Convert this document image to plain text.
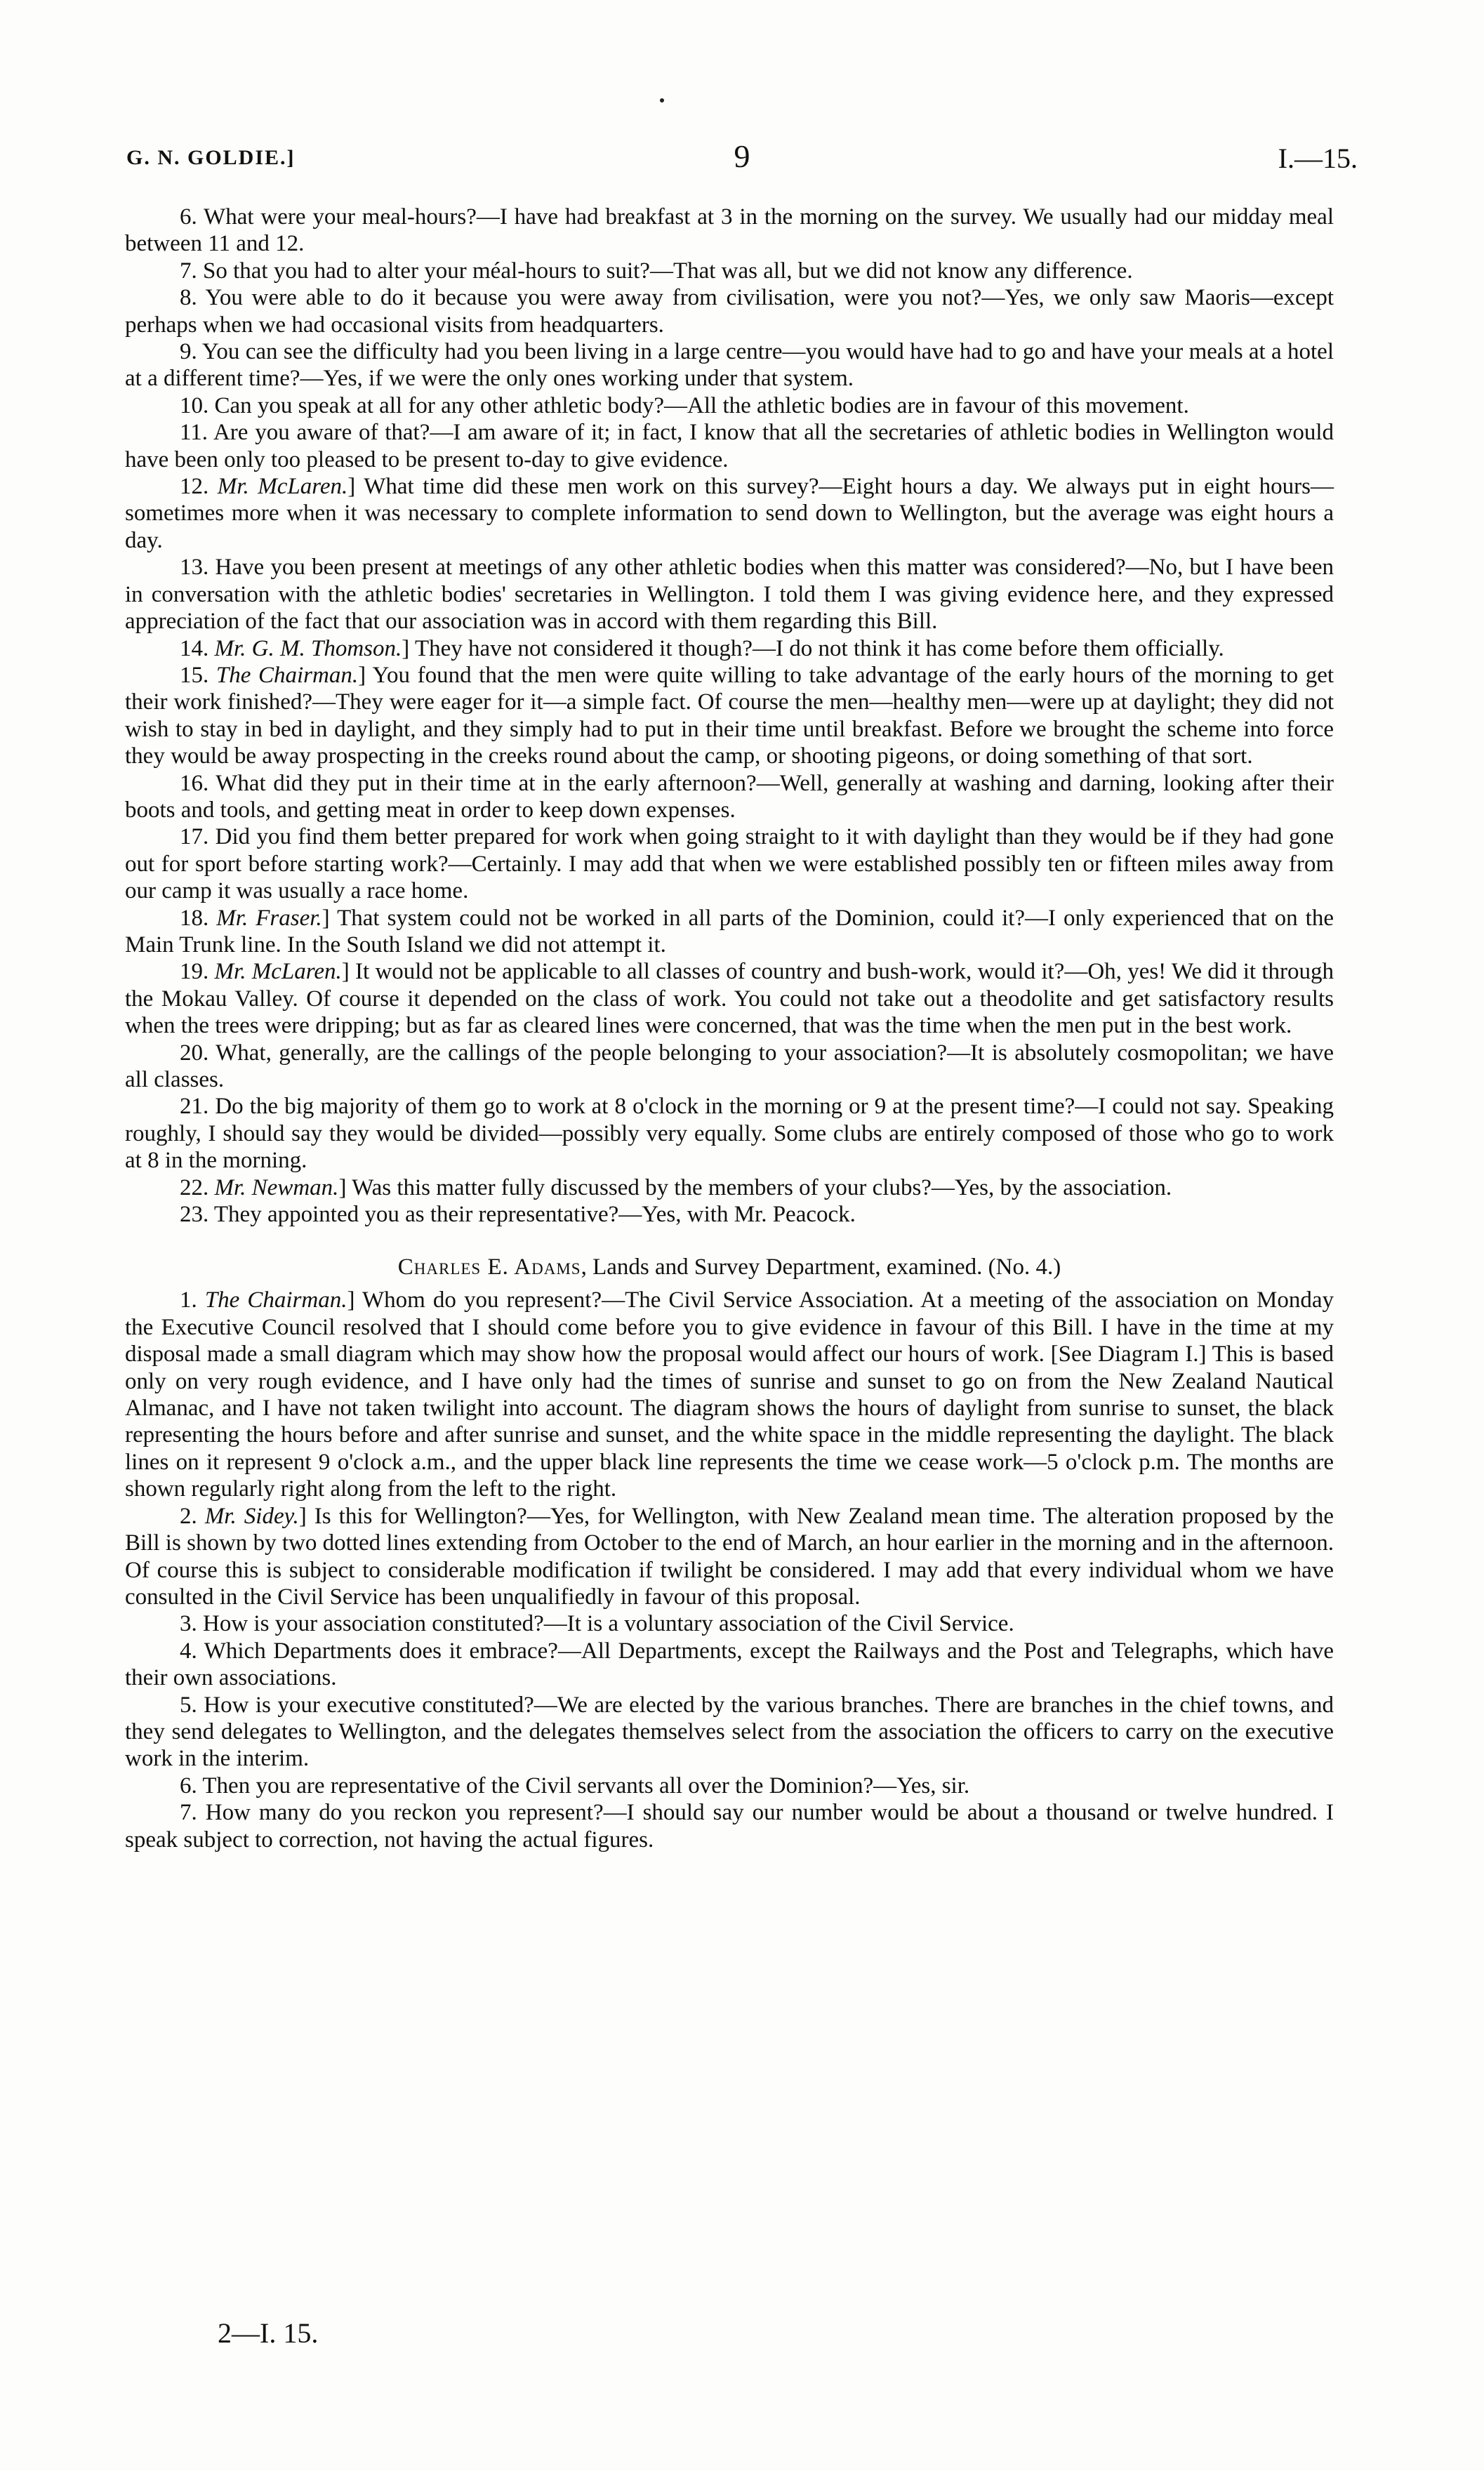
G. N. GOLDIE.]	9	I.—15.

6. What were your meal-hours?—I have had breakfast at 3 in the morning on the survey. We usually had our midday meal between 11 and 12.

7. So that you had to alter your méal-hours to suit?—That was all, but we did not know any difference.

8. You were able to do it because you were away from civilisation, were you not?—Yes, we only saw Maoris—except perhaps when we had occasional visits from headquarters.

9. You can see the difficulty had you been living in a large centre—you would have had to go and have your meals at a hotel at a different time?—Yes, if we were the only ones working under that system.

10. Can you speak at all for any other athletic body?—All the athletic bodies are in favour of this movement.

11. Are you aware of that?—I am aware of it; in fact, I know that all the secretaries of athletic bodies in Wellington would have been only too pleased to be present to-day to give evidence.

12. Mr. McLaren.] What time did these men work on this survey?—Eight hours a day. We always put in eight hours—sometimes more when it was necessary to complete information to send down to Wellington, but the average was eight hours a day.

13. Have you been present at meetings of any other athletic bodies when this matter was considered?—No, but I have been in conversation with the athletic bodies' secretaries in Wellington. I told them I was giving evidence here, and they expressed appreciation of the fact that our association was in accord with them regarding this Bill.

14. Mr. G. M. Thomson.] They have not considered it though?—I do not think it has come before them officially.

15. The Chairman.] You found that the men were quite willing to take advantage of the early hours of the morning to get their work finished?—They were eager for it—a simple fact. Of course the men—healthy men—were up at daylight; they did not wish to stay in bed in daylight, and they simply had to put in their time until breakfast. Before we brought the scheme into force they would be away prospecting in the creeks round about the camp, or shooting pigeons, or doing something of that sort.

16. What did they put in their time at in the early afternoon?—Well, generally at washing and darning, looking after their boots and tools, and getting meat in order to keep down expenses.

17. Did you find them better prepared for work when going straight to it with daylight than they would be if they had gone out for sport before starting work?—Certainly. I may add that when we were established possibly ten or fifteen miles away from our camp it was usually a race home.

18. Mr. Fraser.] That system could not be worked in all parts of the Dominion, could it?—I only experienced that on the Main Trunk line. In the South Island we did not attempt it.

19. Mr. McLaren.] It would not be applicable to all classes of country and bush-work, would it?—Oh, yes! We did it through the Mokau Valley. Of course it depended on the class of work. You could not take out a theodolite and get satisfactory results when the trees were dripping; but as far as cleared lines were concerned, that was the time when the men put in the best work.

20. What, generally, are the callings of the people belonging to your association?—It is absolutely cosmopolitan; we have all classes.

21. Do the big majority of them go to work at 8 o'clock in the morning or 9 at the present time?—I could not say. Speaking roughly, I should say they would be divided—possibly very equally. Some clubs are entirely composed of those who go to work at 8 in the morning.

22. Mr. Newman.] Was this matter fully discussed by the members of your clubs?—Yes, by the association.

23. They appointed you as their representative?—Yes, with Mr. Peacock.

Charles E. Adams, Lands and Survey Department, examined. (No. 4.)

1. The Chairman.] Whom do you represent?—The Civil Service Association. At a meeting of the association on Monday the Executive Council resolved that I should come before you to give evidence in favour of this Bill. I have in the time at my disposal made a small diagram which may show how the proposal would affect our hours of work. [See Diagram I.] This is based only on very rough evidence, and I have only had the times of sunrise and sunset to go on from the New Zealand Nautical Almanac, and I have not taken twilight into account. The diagram shows the hours of daylight from sunrise to sunset, the black representing the hours before and after sunrise and sunset, and the white space in the middle representing the daylight. The black lines on it represent 9 o'clock a.m., and the upper black line represents the time we cease work—5 o'clock p.m. The months are shown regularly right along from the left to the right.

2. Mr. Sidey.] Is this for Wellington?—Yes, for Wellington, with New Zealand mean time. The alteration proposed by the Bill is shown by two dotted lines extending from October to the end of March, an hour earlier in the morning and in the afternoon. Of course this is subject to considerable modification if twilight be considered. I may add that every individual whom we have consulted in the Civil Service has been unqualifiedly in favour of this proposal.

3. How is your association constituted?—It is a voluntary association of the Civil Service.

4. Which Departments does it embrace?—All Departments, except the Railways and the Post and Telegraphs, which have their own associations.

5. How is your executive constituted?—We are elected by the various branches. There are branches in the chief towns, and they send delegates to Wellington, and the delegates themselves select from the association the officers to carry on the executive work in the interim.

6. Then you are representative of the Civil servants all over the Dominion?—Yes, sir.

7. How many do you reckon you represent?—I should say our number would be about a thousand or twelve hundred. I speak subject to correction, not having the actual figures.

2—I. 15.
